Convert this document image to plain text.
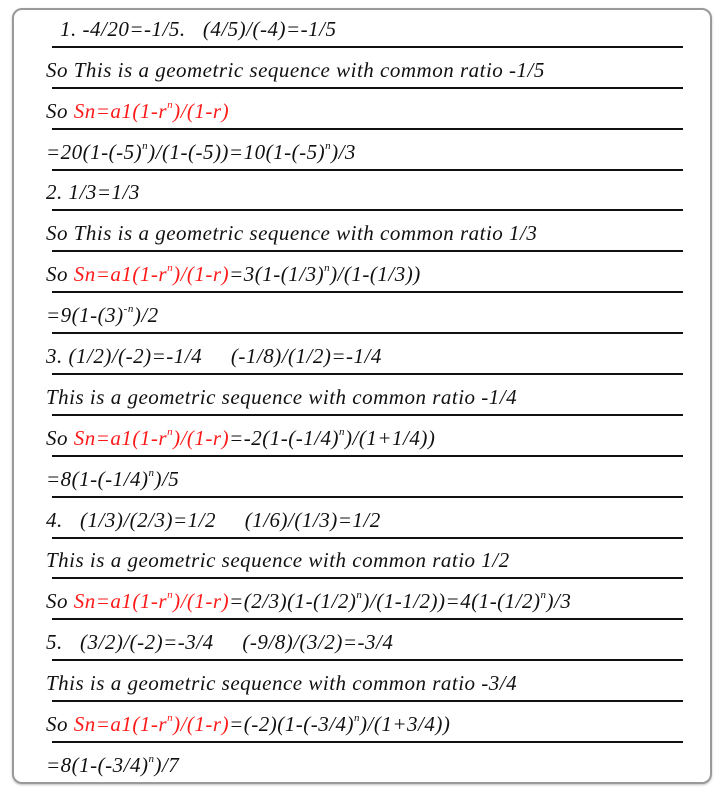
1. -4/20=-1/5.   (4/5)/(-4)=-1/5
So This is a geometric sequence with common ratio -1/5
So $Sn=a1(1-r^n)/(1-r)$
$=20(1-(-5)^n)/(1-(-5))=10(1-(-5)^n)/3$
2. 1/3=1/3
So This is a geometric sequence with common ratio 1/3
So $Sn=a1(1-r^n)/(1-r)=3(1-(1/3)^n)/(1-(1/3))$
$=9(1-(3)^{-n})/2$
3. (1/2)/(-2)=-1/4     (-1/8)/(1/2)=-1/4
This is a geometric sequence with common ratio -1/4
So $Sn=a1(1-r^n)/(1-r)=-2(1-(-1/4)^n)/(1+1/4)$)
$=8(1-(-1/4)^n)/5$
4.   (1/3)/(2/3)=1/2     (1/6)/(1/3)=1/2
This is a geometric sequence with common ratio 1/2
So $Sn=a1(1-r^n)/(1-r)=(2/3)(1-(1/2)^n)/(1-1/2))=4(1-(1/2)^n)/3$
5.   (3/2)/(-2)=-3/4     (-9/8)/(3/2)=-3/4
This is a geometric sequence with common ratio -3/4
So $Sn=a1(1-r^n)/(1-r)=(-2)(1-(-3/4)^n)/(1+3/4)$)
$=8(1-(-3/4)^n)/7$
